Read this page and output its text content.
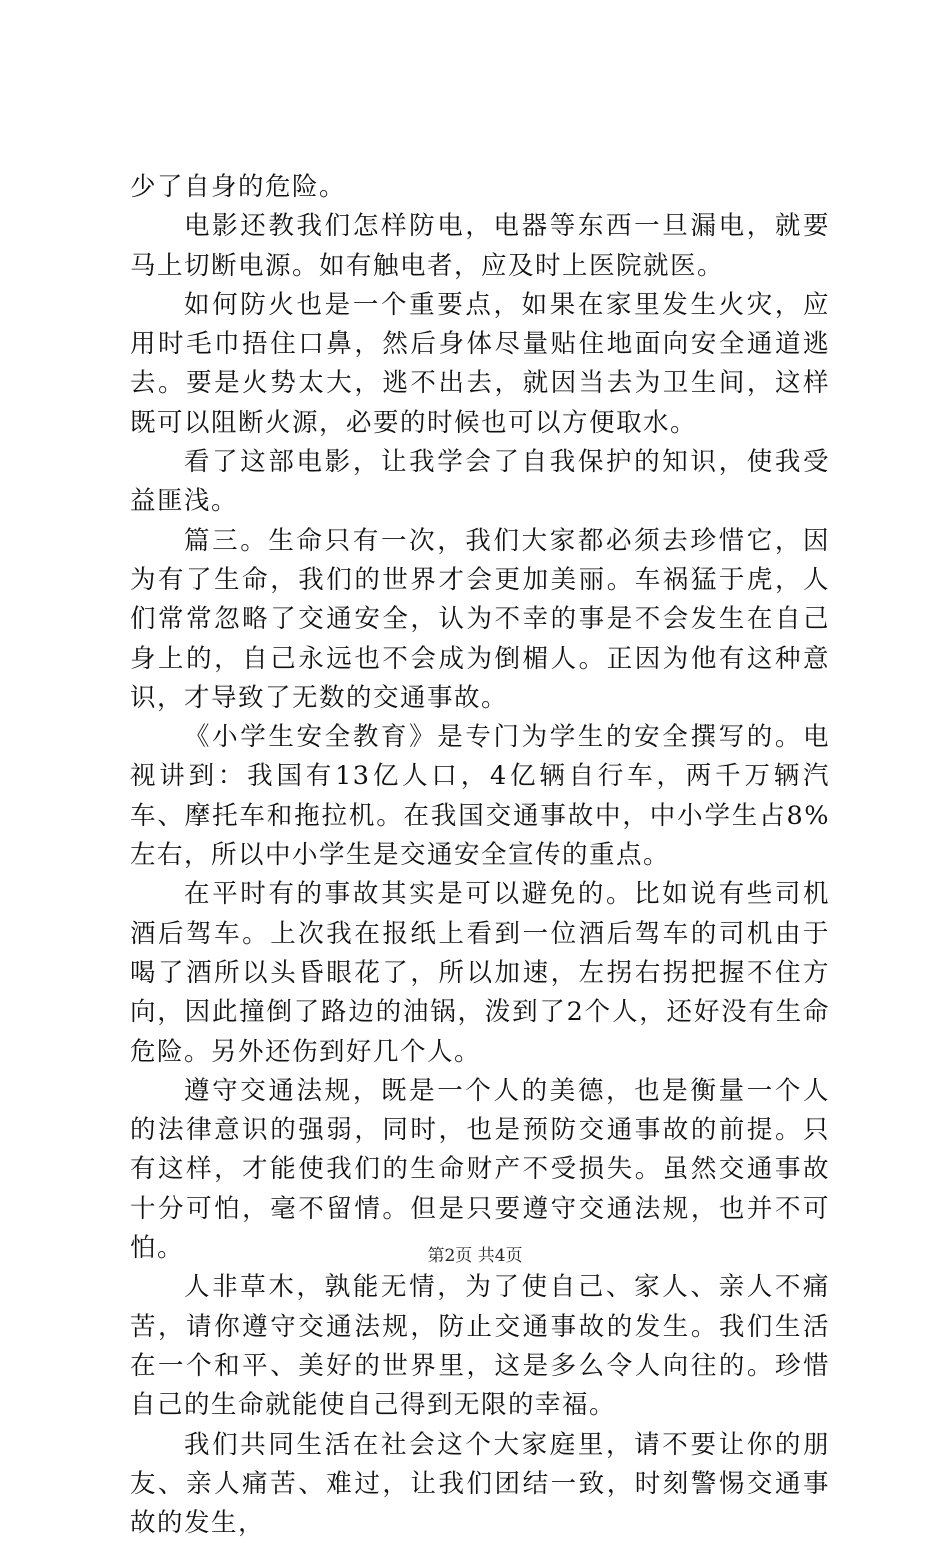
少了自身的危险。

电影还教我们怎样防电，电器等东西一旦漏电，就要马上切断电源。如有触电者，应及时上医院就医。

如何防火也是一个重要点，如果在家里发生火灾，应用时毛巾捂住口鼻，然后身体尽量贴住地面向安全通道逃去。要是火势太大，逃不出去，就因当去为卫生间，这样既可以阻断火源，必要的时候也可以方便取水。

看了这部电影，让我学会了自我保护的知识，使我受益匪浅。

篇三。生命只有一次，我们大家都必须去珍惜它，因为有了生命，我们的世界才会更加美丽。车祸猛于虎，人们常常忽略了交通安全，认为不幸的事是不会发生在自己身上的，自己永远也不会成为倒楣人。正因为他有这种意识，才导致了无数的交通事故。

《小学生安全教育》是专门为学生的安全撰写的。电视讲到：我国有13亿人口，4亿辆自行车，两千万辆汽车、摩托车和拖拉机。在我国交通事故中，中小学生占8%左右，所以中小学生是交通安全宣传的重点。

在平时有的事故其实是可以避免的。比如说有些司机酒后驾车。上次我在报纸上看到一位酒后驾车的司机由于喝了酒所以头昏眼花了，所以加速，左拐右拐把握不住方向，因此撞倒了路边的油锅，泼到了2个人，还好没有生命危险。另外还伤到好几个人。

遵守交通法规，既是一个人的美德，也是衡量一个人的法律意识的强弱，同时，也是预防交通事故的前提。只有这样，才能使我们的生命财产不受损失。虽然交通事故十分可怕，毫不留情。但是只要遵守交通法规，也并不可怕。

人非草木，孰能无情，为了使自己、家人、亲人不痛苦，请你遵守交通法规，防止交通事故的发生。我们生活在一个和平、美好的世界里，这是多么令人向往的。珍惜自己的生命就能使自己得到无限的幸福。

我们共同生活在社会这个大家庭里，请不要让你的朋友、亲人痛苦、难过，让我们团结一致，时刻警惕交通事故的发生，

第2页 共4页
